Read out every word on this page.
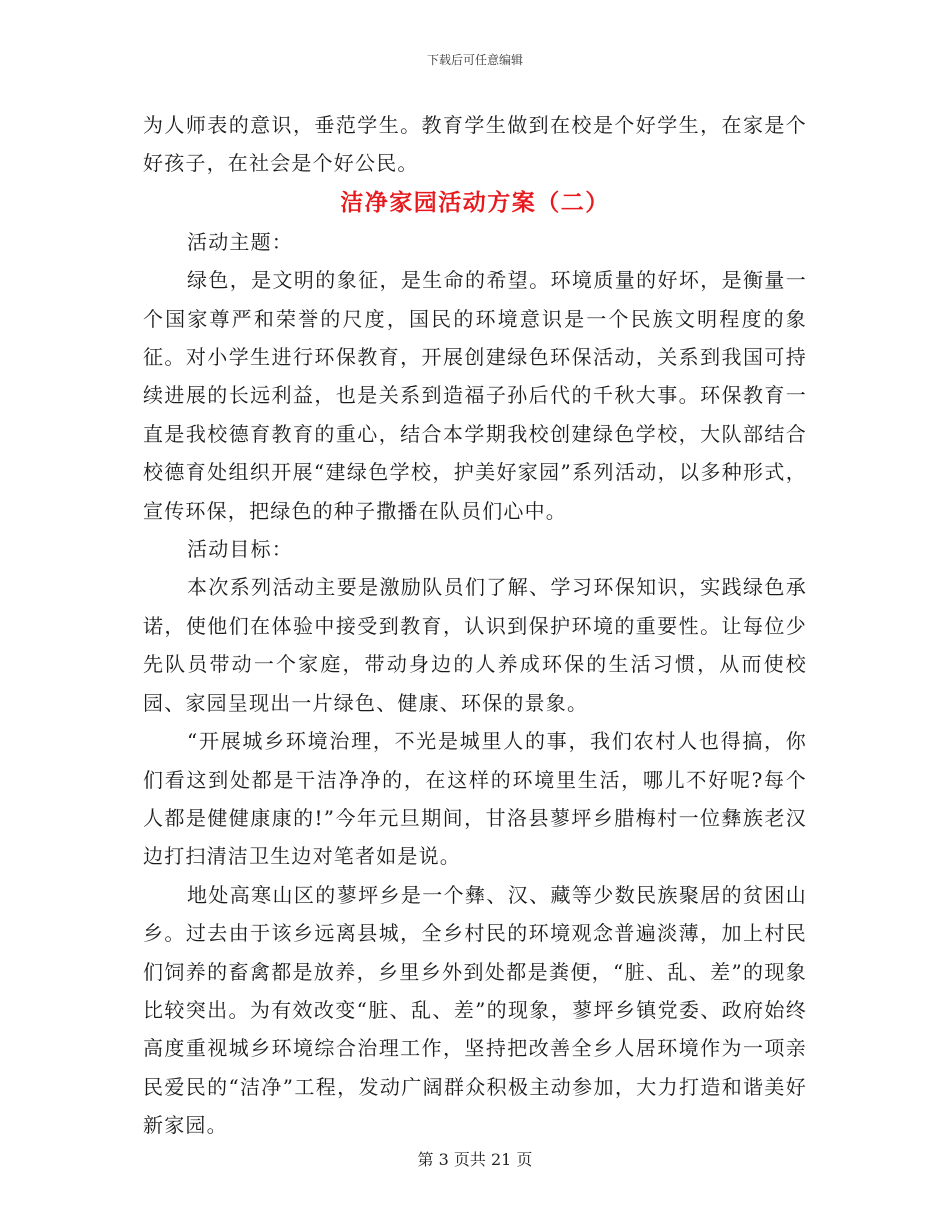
下载后可任意编辑

为人师表的意识，垂范学生。教育学生做到在校是个好学生，在家是个好孩子，在社会是个好公民。

洁净家园活动方案（二）

活动主题：

绿色，是文明的象征，是生命的希望。环境质量的好坏，是衡量一个国家尊严和荣誉的尺度，国民的环境意识是一个民族文明程度的象征。对小学生进行环保教育，开展创建绿色环保活动，关系到我国可持续进展的长远利益，也是关系到造福子孙后代的千秋大事。环保教育一直是我校德育教育的重心，结合本学期我校创建绿色学校，大队部结合校德育处组织开展“建绿色学校，护美好家园”系列活动，以多种形式，宣传环保，把绿色的种子撒播在队员们心中。

活动目标：

本次系列活动主要是激励队员们了解、学习环保知识，实践绿色承诺，使他们在体验中接受到教育，认识到保护环境的重要性。让每位少先队员带动一个家庭，带动身边的人养成环保的生活习惯，从而使校园、家园呈现出一片绿色、健康、环保的景象。

“开展城乡环境治理，不光是城里人的事，我们农村人也得搞，你们看这到处都是干洁净净的，在这样的环境里生活，哪儿不好呢?每个人都是健健康康的!”今年元旦期间，甘洛县蓼坪乡腊梅村一位彝族老汉边打扫清洁卫生边对笔者如是说。

地处高寒山区的蓼坪乡是一个彝、汉、藏等少数民族聚居的贫困山乡。过去由于该乡远离县城，全乡村民的环境观念普遍淡薄，加上村民们饲养的畜禽都是放养，乡里乡外到处都是粪便，“脏、乱、差”的现象比较突出。为有效改变“脏、乱、差”的现象，蓼坪乡镇党委、政府始终高度重视城乡环境综合治理工作，坚持把改善全乡人居环境作为一项亲民爱民的“洁净”工程，发动广阔群众积极主动参加，大力打造和谐美好新家园。

第 3 页共 21 页
